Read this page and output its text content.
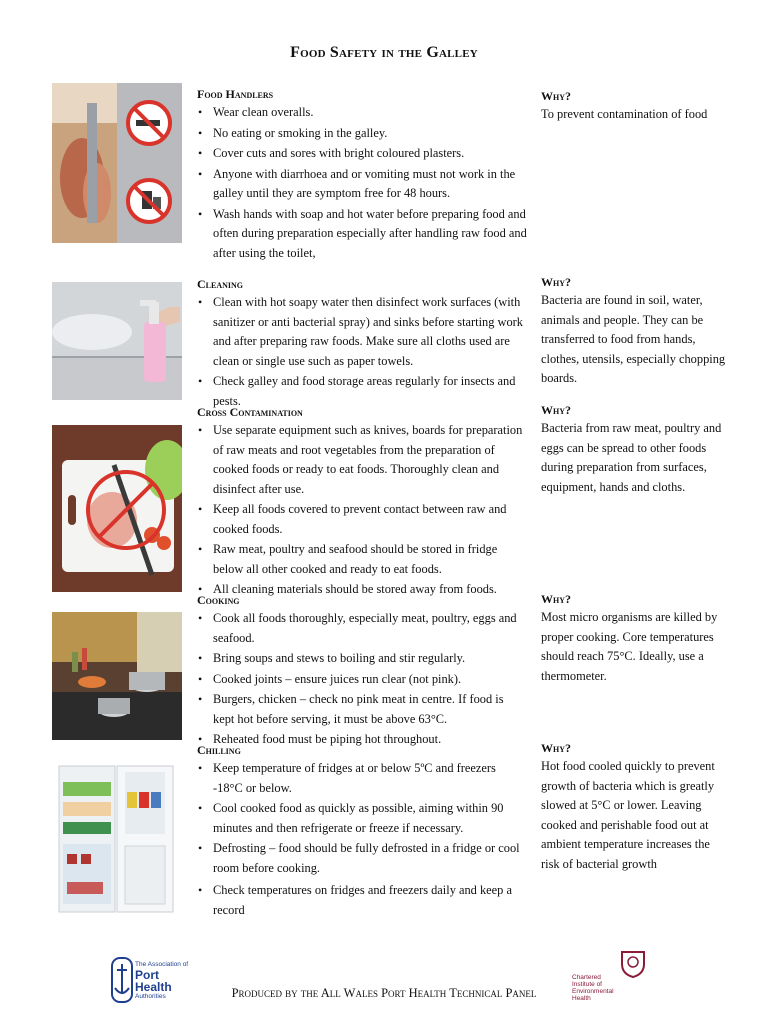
Food Safety in the Galley
Food Handlers
• Wear clean overalls.
• No eating or smoking in the galley.
• Cover cuts and sores with bright coloured plasters.
• Anyone with diarrhoea and or vomiting must not work in the galley until they are symptom free for 48 hours.
• Wash hands with soap and hot water before preparing food and often during preparation especially after handling raw food and after using the toilet,
Why?
To prevent contamination of food
Cleaning
• Clean with hot soapy water then disinfect work surfaces (with sanitizer or anti bacterial spray) and sinks before starting work and after preparing raw foods. Make sure all cloths used are clean or single use such as paper towels.
• Check galley and food storage areas regularly for insects and pests.
Why?
Bacteria are found in soil, water, animals and people. They can be transferred to food from hands, clothes, utensils, especially chopping boards.
Cross Contamination
• Use separate equipment such as knives, boards for preparation of raw meats and root vegetables from the preparation of cooked foods or ready to eat foods. Thoroughly clean and disinfect after use.
• Keep all foods covered to prevent contact between raw and cooked foods.
• Raw meat, poultry and seafood should be stored in fridge below all other cooked and ready to eat foods.
• All cleaning materials should be stored away from foods.
Why?
Bacteria from raw meat, poultry and eggs can be spread to other foods during preparation from surfaces, equipment, hands and cloths.
Cooking
• Cook all foods thoroughly, especially meat, poultry, eggs and seafood.
• Bring soups and stews to boiling and stir regularly.
• Cooked joints – ensure juices run clear (not pink).
• Burgers, chicken – check no pink meat in centre. If food is kept hot before serving, it must be above 63°C.
• Reheated food must be piping hot throughout.
Why?
Most micro organisms are killed by proper cooking. Core temperatures should reach 75°C. Ideally, use a thermometer.
Chilling
• Keep temperature of fridges at or below 5ºC and freezers -18°C or below.
• Cool cooked food as quickly as possible, aiming within 90 minutes and then refrigerate or freeze if necessary.
• Defrosting – food should be fully defrosted in a fridge or cool room before cooking.
• Check temperatures on fridges and freezers daily and keep a record
Why?
Hot food cooled quickly to prevent growth of bacteria which is greatly slowed at 5°C or lower. Leaving cooked and perishable food out at ambient temperature increases the risk of bacterial growth
The Association of
Port Health
Authorities	Produced by the All Wales Port Health Technical Panel
Chartered
Institute of
Environmental
Health
